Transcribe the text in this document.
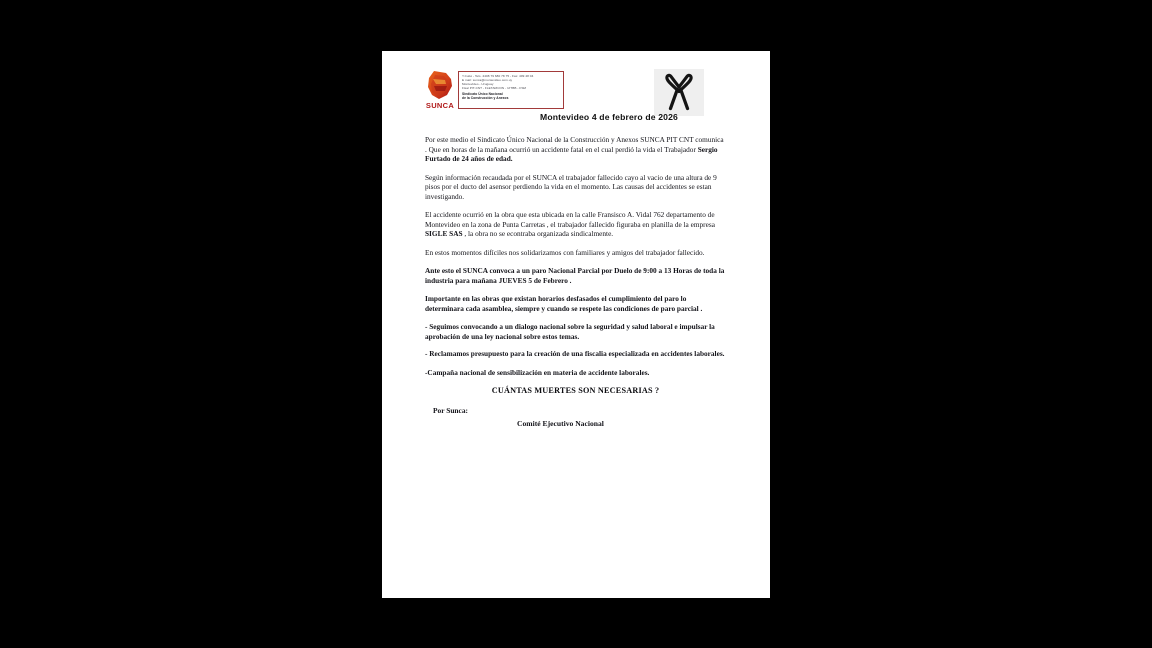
SUNCA
Y.Cuité - Tels. 2408 79 680 78 75 - Fax: 409 48 04
E mail: sunca@montevideo.com.uy
Montevideo - Uruguay
Fisal PIT-CNT - FLETAMCON - UITBB - FSM
Sindicato Único Nacional
de la Construcción y Anexos
Montevideo 4 de febrero de 2026

Por este medio el Sindicato Único Nacional de la Construcción y Anexos SUNCA PIT CNT comunica . Que en horas de la mañana ocurrió un accidente fatal en el cual perdió la vida el Trabajador Sergio Furtado de 24 años de edad.

Según información recaudada por el SUNCA el trabajador fallecido cayo al vacio de una altura de 9 pisos por el ducto del asensor perdiendo la vida en el momento. Las causas del accidentes se estan investigando.

El accidente ocurrió en la obra que esta ubicada en la calle Fransisco A. Vidal 762 departamento de Montevideo en la zona de Punta Carretas , el trabajador fallecido figuraba en planilla de la empresa SIGLE SAS , la obra no se econtraba organizada sindicalmente.

En estos momentos difíciles nos solidarizamos con familiares y amigos del trabajador fallecido.

Ante esto el SUNCA convoca a un paro Nacional Parcial por Duelo de 9:00 a 13 Horas de toda la industria para mañana JUEVES 5 de Febrero .

Importante en las obras que existan horarios desfasados el cumplimiento del paro lo determinara cada asamblea, siempre y cuando se respete las condiciones de paro parcial .

- Seguimos convocando a un dialogo nacional sobre la seguridad y salud laboral e impulsar la aprobación de una ley nacional sobre estos temas.

- Reclamamos presupuesto para la creación de una fiscalia especializada en accidentes laborales.

-Campaña nacional de sensibilización en materia de accidente laborales.

CUÁNTAS MUERTES SON NECESARIAS ?
Por Sunca:
Comité Ejecutivo Nacional
